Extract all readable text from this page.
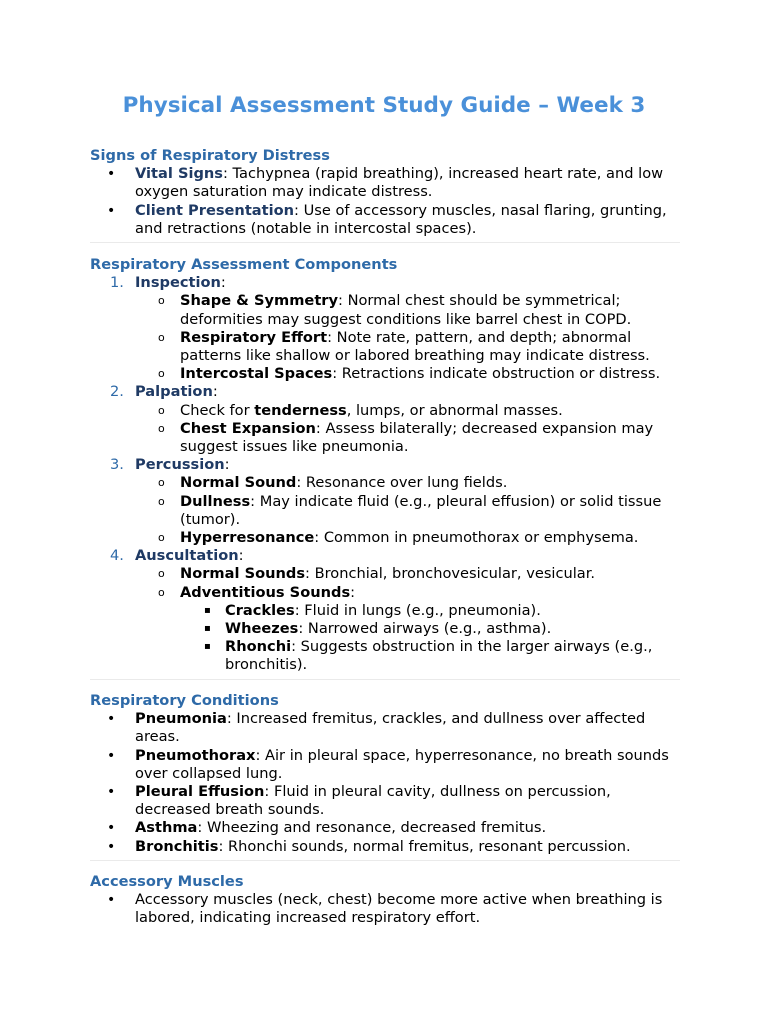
Physical Assessment Study Guide – Week 3
Signs of Respiratory Distress
• Vital Signs: Tachypnea (rapid breathing), increased heart rate, and low oxygen saturation may indicate distress.
• Client Presentation: Use of accessory muscles, nasal flaring, grunting, and retractions (notable in intercostal spaces).
Respiratory Assessment Components
1. Inspection:
o Shape & Symmetry: Normal chest should be symmetrical; deformities may suggest conditions like barrel chest in COPD.
o Respiratory Effort: Note rate, pattern, and depth; abnormal patterns like shallow or labored breathing may indicate distress.
o Intercostal Spaces: Retractions indicate obstruction or distress.
2. Palpation:
o Check for tenderness, lumps, or abnormal masses.
o Chest Expansion: Assess bilaterally; decreased expansion may suggest issues like pneumonia.
3. Percussion:
o Normal Sound: Resonance over lung fields.
o Dullness: May indicate fluid (e.g., pleural effusion) or solid tissue (tumor).
o Hyperresonance: Common in pneumothorax or emphysema.
4. Auscultation:
o Normal Sounds: Bronchial, bronchovesicular, vesicular.
o Adventitious Sounds:
▪ Crackles: Fluid in lungs (e.g., pneumonia).
▪ Wheezes: Narrowed airways (e.g., asthma).
▪ Rhonchi: Suggests obstruction in the larger airways (e.g., bronchitis).
Respiratory Conditions
• Pneumonia: Increased fremitus, crackles, and dullness over affected areas.
• Pneumothorax: Air in pleural space, hyperresonance, no breath sounds over collapsed lung.
• Pleural Effusion: Fluid in pleural cavity, dullness on percussion, decreased breath sounds.
• Asthma: Wheezing and resonance, decreased fremitus.
• Bronchitis: Rhonchi sounds, normal fremitus, resonant percussion.
Accessory Muscles
• Accessory muscles (neck, chest) become more active when breathing is labored, indicating increased respiratory effort.
